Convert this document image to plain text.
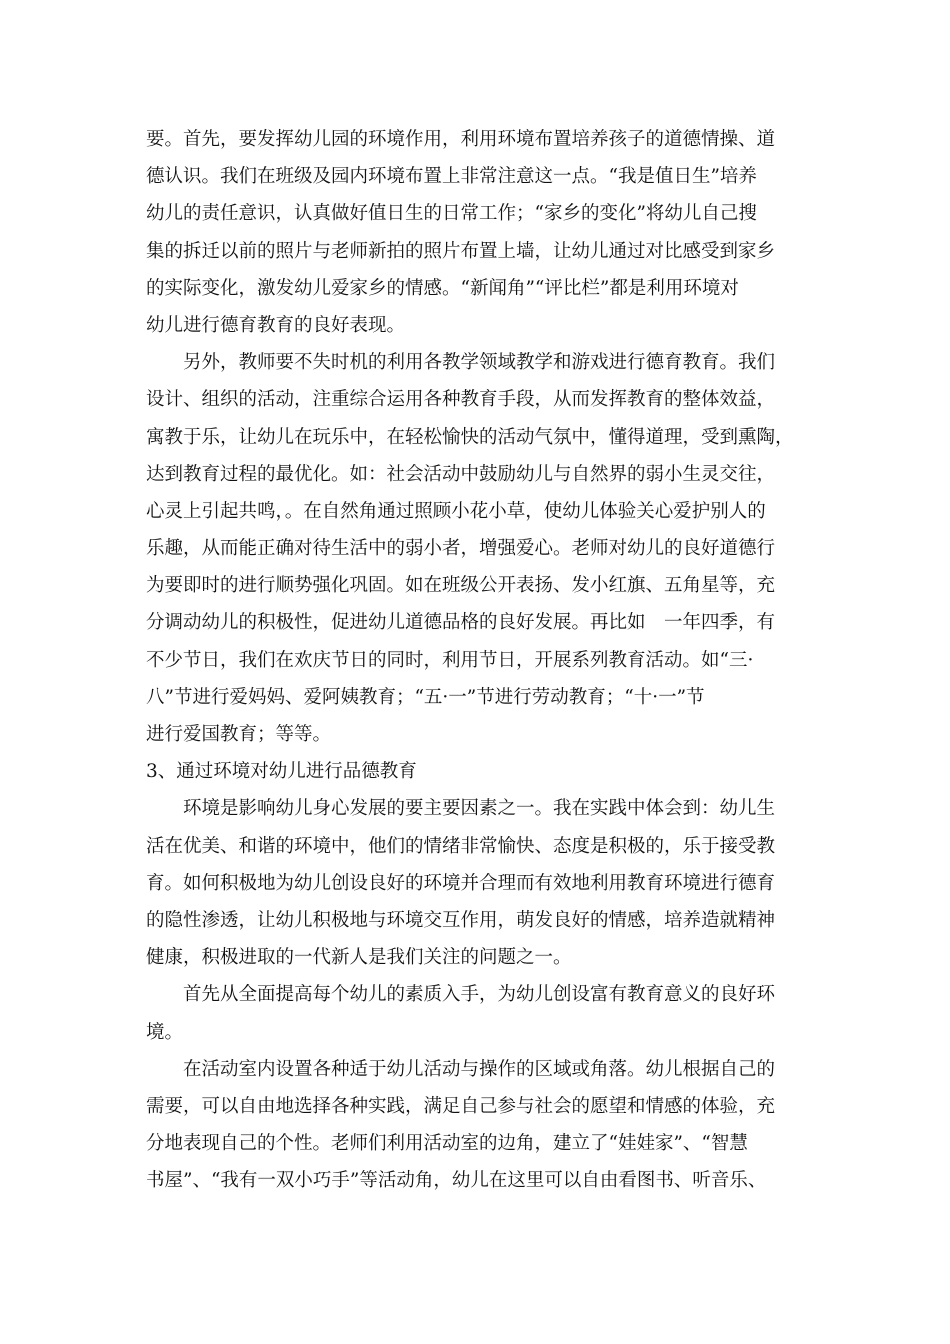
要。首先，要发挥幼儿园的环境作用，利用环境布置培养孩子的道德情操、道
德认识。我们在班级及园内环境布置上非常注意这一点。“我是值日生”培养
幼儿的责任意识，认真做好值日生的日常工作；“家乡的变化”将幼儿自己搜
集的拆迁以前的照片与老师新拍的照片布置上墙，让幼儿通过对比感受到家乡
的实际变化，激发幼儿爱家乡的情感。“新闻角”“评比栏”都是利用环境对
幼儿进行德育教育的良好表现。
另外，教师要不失时机的利用各教学领域教学和游戏进行德育教育。我们
设计、组织的活动，注重综合运用各种教育手段，从而发挥教育的整体效益，
寓教于乐，让幼儿在玩乐中，在轻松愉快的活动气氛中，懂得道理，受到熏陶，
达到教育过程的最优化。如：社会活动中鼓励幼儿与自然界的弱小生灵交往，
心灵上引起共鸣，。在自然角通过照顾小花小草，使幼儿体验关心爱护别人的
乐趣，从而能正确对待生活中的弱小者，增强爱心。老师对幼儿的良好道德行
为要即时的进行顺势强化巩固。如在班级公开表扬、发小红旗、五角星等，充
分调动幼儿的积极性，促进幼儿道德品格的良好发展。再比如　一年四季，有
不少节日，我们在欢庆节日的同时，利用节日，开展系列教育活动。如“三·
八”节进行爱妈妈、爱阿姨教育；“五·一”节进行劳动教育；“十·一”节
进行爱国教育；等等。
3、通过环境对幼儿进行品德教育
环境是影响幼儿身心发展的要主要因素之一。我在实践中体会到：幼儿生
活在优美、和谐的环境中，他们的情绪非常愉快、态度是积极的，乐于接受教
育。如何积极地为幼儿创设良好的环境并合理而有效地利用教育环境进行德育
的隐性渗透，让幼儿积极地与环境交互作用，萌发良好的情感，培养造就精神
健康，积极进取的一代新人是我们关注的问题之一。
首先从全面提高每个幼儿的素质入手，为幼儿创设富有教育意义的良好环
境。
在活动室内设置各种适于幼儿活动与操作的区域或角落。幼儿根据自己的
需要，可以自由地选择各种实践，满足自己参与社会的愿望和情感的体验，充
分地表现自己的个性。老师们利用活动室的边角，建立了“娃娃家”、“智慧
书屋”、“我有一双小巧手”等活动角，幼儿在这里可以自由看图书、听音乐、
